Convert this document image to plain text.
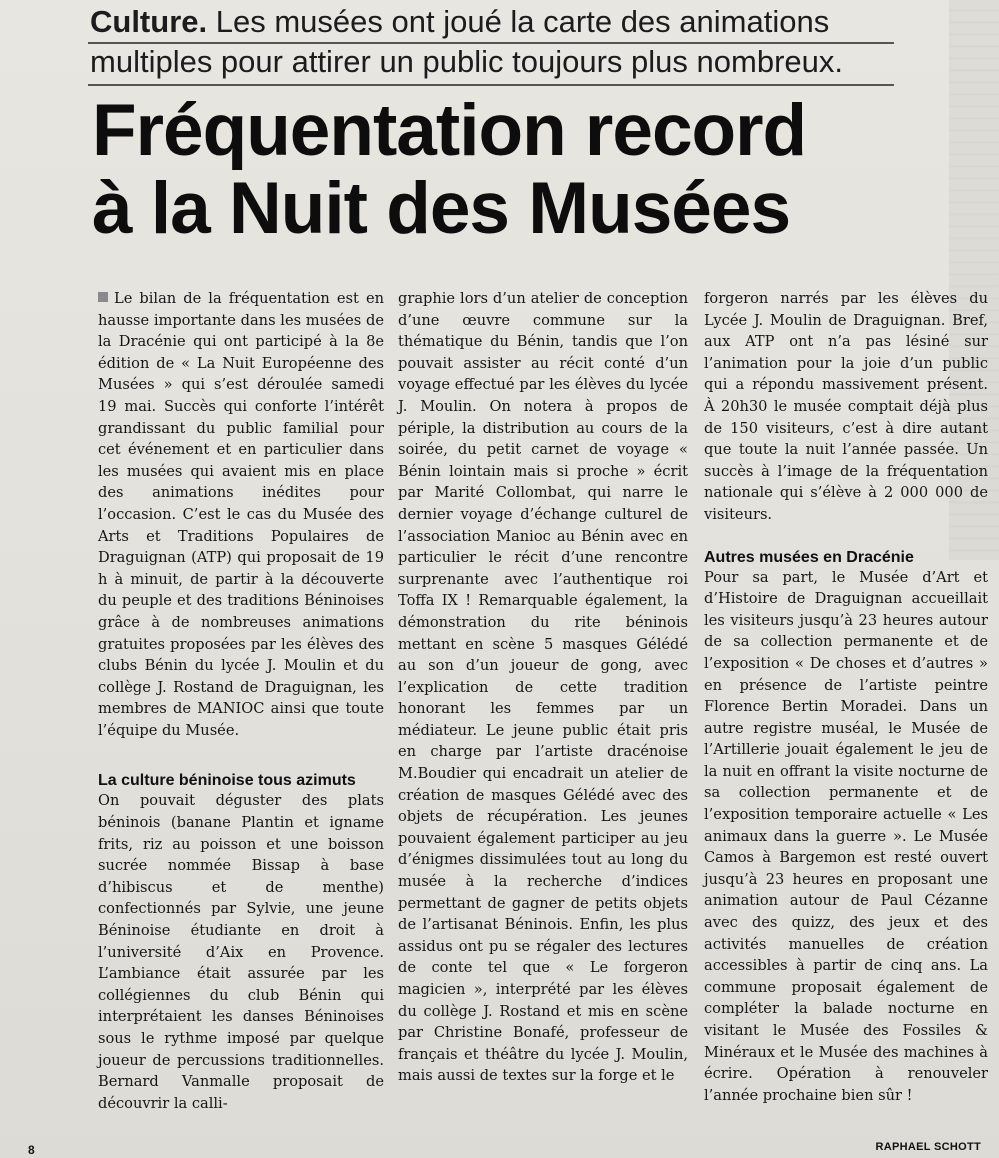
Culture. Les musées ont joué la carte des animations multiples pour attirer un public toujours plus nombreux.
Fréquentation record
à la Nuit des Musées

Le bilan de la fréquentation est en hausse importante dans les musées de la Dracénie qui ont participé à la 8e édition de « La Nuit Européenne des Musées » qui s’est déroulée samedi 19 mai. Succès qui conforte l’intérêt grandissant du public familial pour cet événement et en particulier dans les musées qui avaient mis en place des animations inédites pour l’occasion. C’est le cas du Musée des Arts et Traditions Populaires de Draguignan (ATP) qui proposait de 19 h à minuit, de partir à la découverte du peuple et des traditions Béninoises grâce à de nombreuses animations gratuites proposées par les élèves des clubs Bénin du lycée J. Moulin et du collège J. Rostand de Draguignan, les membres de MANIOC ainsi que toute l’équipe du Musée.

La culture béninoise tous azimuts

On pouvait déguster des plats béninois (banane Plantin et igname frits, riz au poisson et une boisson sucrée nommée Bissap à base d’hibiscus et de menthe) confectionnés par Sylvie, une jeune Béninoise étudiante en droit à l’université d’Aix en Provence. L’ambiance était assurée par les collégiennes du club Bénin qui interprétaient les danses Béninoises sous le rythme imposé par quelque joueur de percussions traditionnelles. Bernard Vanmalle proposait de découvrir la calli-

graphie lors d’un atelier de conception d’une œuvre commune sur la thématique du Bénin, tandis que l’on pouvait assister au récit conté d’un voyage effectué par les élèves du lycée J. Moulin. On notera à propos de périple, la distribution au cours de la soirée, du petit carnet de voyage « Bénin lointain mais si proche » écrit par Marité Collombat, qui narre le dernier voyage d’échange culturel de l’association Manioc au Bénin avec en particulier le récit d’une rencontre surprenante avec l’authentique roi Toffa IX ! Remarquable également, la démonstration du rite béninois mettant en scène 5 masques Gélédé au son d’un joueur de gong, avec l’explication de cette tradition honorant les femmes par un médiateur. Le jeune public était pris en charge par l’artiste dracénoise M.Boudier qui encadrait un atelier de création de masques Gélédé avec des objets de récupération. Les jeunes pouvaient également participer au jeu d’énigmes dissimulées tout au long du musée à la recherche d’indices permettant de gagner de petits objets de l’artisanat Béninois. Enfin, les plus assidus ont pu se régaler des lectures de conte tel que « Le forgeron magicien », interprété par les élèves du collège J. Rostand et mis en scène par Christine Bonafé, professeur de français et théâtre du lycée J. Moulin, mais aussi de textes sur la forge et le

forgeron narrés par les élèves du Lycée J. Moulin de Draguignan. Bref, aux ATP ont n’a pas lésiné sur l’animation pour la joie d’un public qui a répondu massivement présent. À 20h30 le musée comptait déjà plus de 150 visiteurs, c’est à dire autant que toute la nuit l’année passée. Un succès à l’image de la fréquentation nationale qui s’élève à 2 000 000 de visiteurs.

Autres musées en Dracénie

Pour sa part, le Musée d’Art et d’Histoire de Draguignan accueillait les visiteurs jusqu’à 23 heures autour de sa collection permanente et de l’exposition « De choses et d’autres » en présence de l’artiste peintre Florence Bertin Moradei. Dans un autre registre muséal, le Musée de l’Artillerie jouait également le jeu de la nuit en offrant la visite nocturne de sa collection permanente et de l’exposition temporaire actuelle « Les animaux dans la guerre ». Le Musée Camos à Bargemon est resté ouvert jusqu’à 23 heures en proposant une animation autour de Paul Cézanne avec des quizz, des jeux et des activités manuelles de création accessibles à partir de cinq ans. La commune proposait également de compléter la balade nocturne en visitant le Musée des Fossiles & Minéraux et le Musée des machines à écrire. Opération à renouveler l’année prochaine bien sûr !

RAPHAEL SCHOTT
8
